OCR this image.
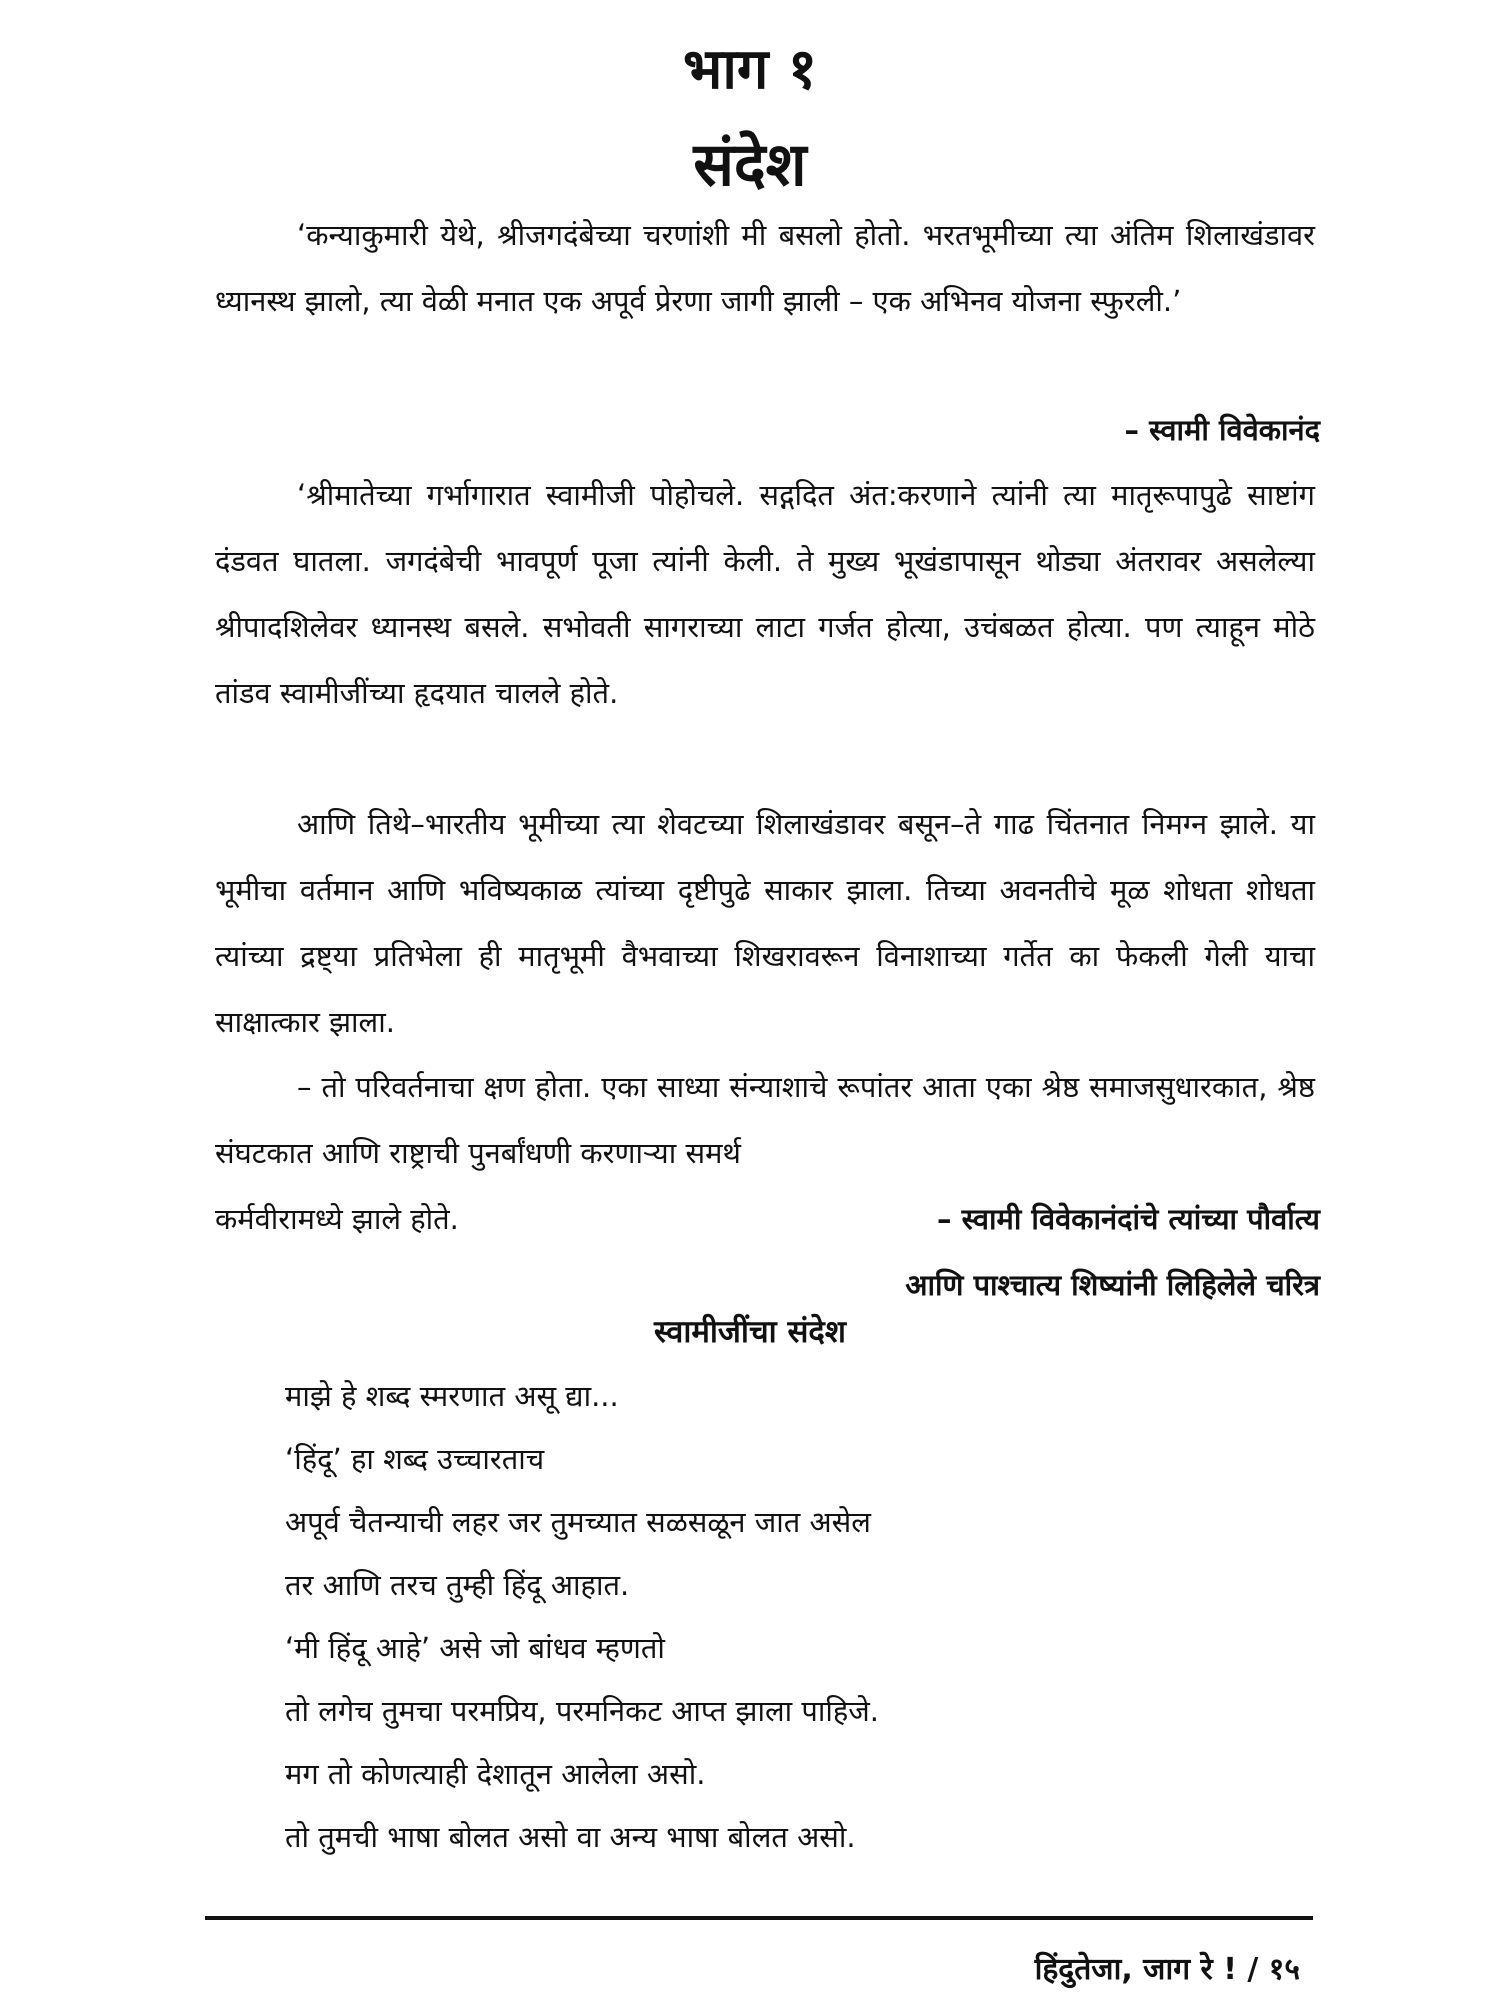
भाग १
संदेश

‘कन्याकुमारी येथे, श्रीजगदंबेच्या चरणांशी मी बसलो होतो. भरतभूमीच्या त्या अंतिम शिलाखंडावर ध्यानस्थ झालो, त्या वेळी मनात एक अपूर्व प्रेरणा जागी झाली – एक अभिनव योजना स्फुरली.’

– स्वामी विवेकानंद

‘श्रीमातेच्या गर्भागारात स्वामीजी पोहोचले. सद्गदित अंत:करणाने त्यांनी त्या मातृरूपापुढे साष्टांग दंडवत घातला. जगदंबेची भावपूर्ण पूजा त्यांनी केली. ते मुख्य भूखंडापासून थोड्या अंतरावर असलेल्या श्रीपादशिलेवर ध्यानस्थ बसले. सभोवती सागराच्या लाटा गर्जत होत्या, उचंबळत होत्या. पण त्याहून मोठे तांडव स्वामीजींच्या हृदयात चालले होते.

आणि तिथे–भारतीय भूमीच्या त्या शेवटच्या शिलाखंडावर बसून–ते गाढ चिंतनात निमग्न झाले. या भूमीचा वर्तमान आणि भविष्यकाळ त्यांच्या दृष्टीपुढे साकार झाला. तिच्या अवनतीचे मूळ शोधता शोधता त्यांच्या द्रष्ट्या प्रतिभेला ही मातृभूमी वैभवाच्या शिखरावरून विनाशाच्या गर्तेत का फेकली गेली याचा साक्षात्कार झाला.

– तो परिवर्तनाचा क्षण होता. एका साध्या संन्याशाचे रूपांतर आता एका श्रेष्ठ समाजसुधारकात, श्रेष्ठ संघटकात आणि राष्ट्राची पुनर्बांधणी करणाऱ्या समर्थ

कर्मवीरामध्ये झाले होते.	– स्वामी विवेकानंदांचे त्यांच्या पौर्वात्य
आणि पाश्चात्य शिष्यांनी लिहिलेले चरित्र
स्वामीजींचा संदेश
माझे हे शब्द स्मरणात असू द्या...
‘हिंदू’ हा शब्द उच्चारताच
अपूर्व चैतन्याची लहर जर तुमच्यात सळसळून जात असेल
तर आणि तरच तुम्ही हिंदू आहात.
‘मी हिंदू आहे’ असे जो बांधव म्हणतो
तो लगेच तुमचा परमप्रिय, परमनिकट आप्त झाला पाहिजे.
मग तो कोणत्याही देशातून आलेला असो.
तो तुमची भाषा बोलत असो वा अन्य भाषा बोलत असो.
हिंदुतेजा, जाग रे ! / १५
